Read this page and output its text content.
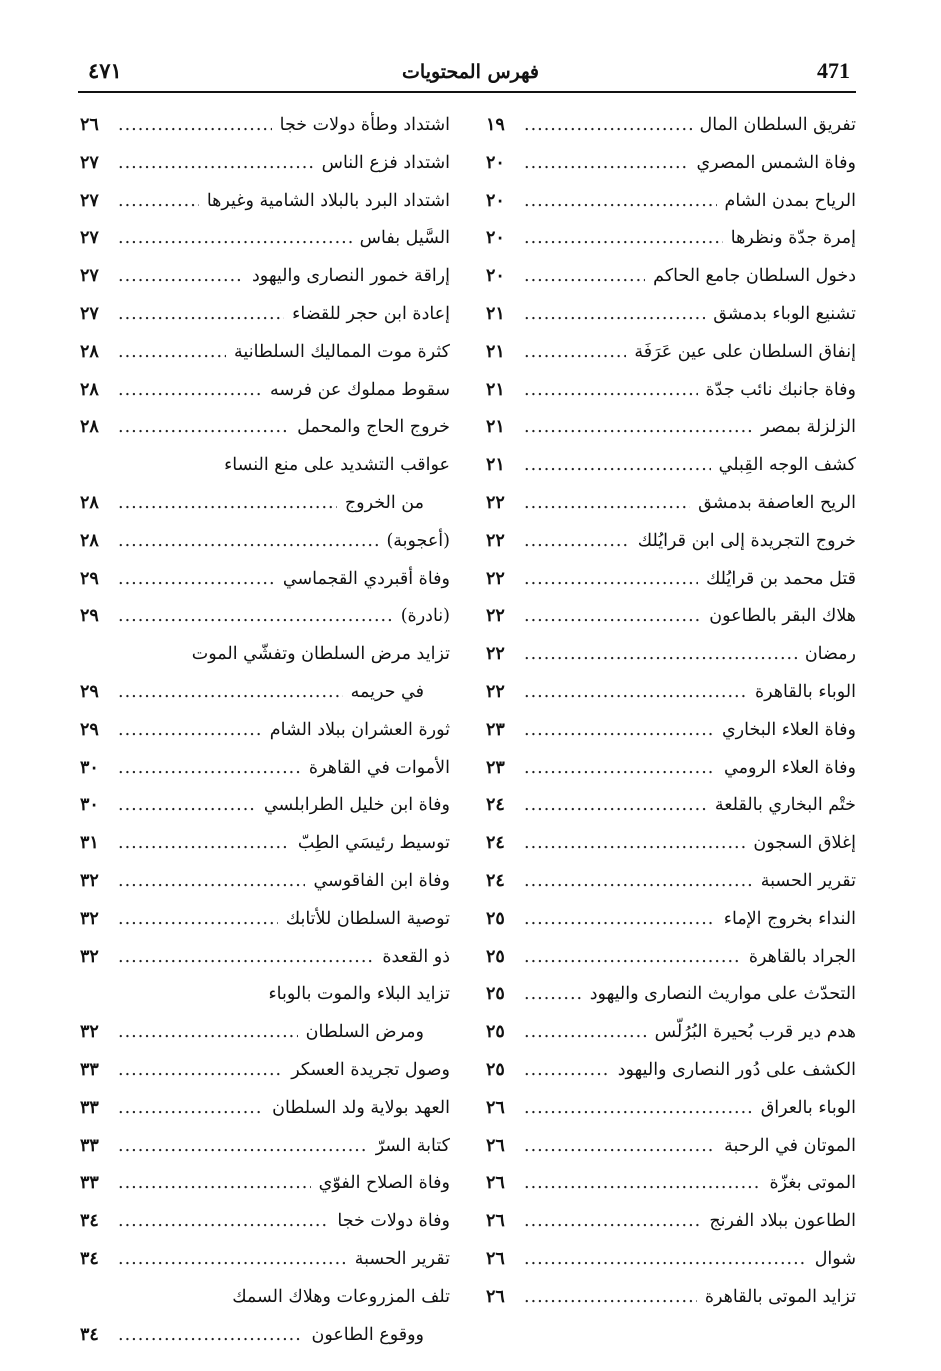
471
فهرس المحتويات
٤٧١
تفريق السلطان المال
.....
١٩
وفاة الشمس المصري
.....
٢٠
الرياح بمدن الشام
.....
٢٠
إمرة جدّة ونظرها
.....
٢٠
دخول السلطان جامع الحاكم
.....
٢٠
تشنيع الوباء بدمشق
.....
٢١
إنفاق السلطان على عين عَرَفَة
.....
٢١
وفاة جانبك نائب جدّة
.....
٢١
الزلزلة بمصر
.....
٢١
كشف الوجه القِبلي
.....
٢١
الريح العاصفة بدمشق
.....
٢٢
خروج التجريدة إلى ابن قرايُلك
.....
٢٢
قتل محمد بن قرايُلك
.....
٢٢
هلاك البقر بالطاعون
.....
٢٢
رمضان
.....
٢٢
الوباء بالقاهرة
.....
٢٢
وفاة العلاء البخاري
.....
٢٣
وفاة العلاء الرومي
.....
٢٣
ختْم البخاري بالقلعة
.....
٢٤
إغلاق السجون
.....
٢٤
تقرير الحسبة
.....
٢٤
النداء بخروج الإماء
.....
٢٥
الجراد بالقاهرة
.....
٢٥
التحدّث على مواريث النصارى واليهود
.....
٢٥
هدم دير قرب بُحيرة البُرُلّس
.....
٢٥
الكشف على دُور النصارى واليهود
.....
٢٥
الوباء بالعراق
.....
٢٦
الموتان في الرحبة
.....
٢٦
الموتى بغزّة
.....
٢٦
الطاعون ببلاد الفرنج
.....
٢٦
شوال
.....
٢٦
تزايد الموتى بالقاهرة
.....
٢٦
اشتداد وطأة دولات خجا
.....
٢٦
اشتداد فزع الناس
.....
٢٧
اشتداد البرد بالبلاد الشامية وغيرها
.....
٢٧
السَّيل بفاس
.....
٢٧
إراقة خمور النصارى واليهود
.....
٢٧
إعادة ابن حجر للقضاء
.....
٢٧
كثرة موت المماليك السلطانية
.....
٢٨
سقوط مملوك عن فرسه
.....
٢٨
خروج الحاج والمحمل
.....
٢٨
عواقب التشديد على منع النساء
من الخروج
.....
٢٨
(أعجوبة)
.....
٢٨
وفاة أقبردي القجماسي
.....
٢٩
(نادرة)
.....
٢٩
تزايد مرض السلطان وتفشّي الموت
في حريمه
.....
٢٩
ثورة العشران ببلاد الشام
.....
٢٩
الأموات في القاهرة
.....
٣٠
وفاة ابن خليل الطرابلسي
.....
٣٠
توسيط رئيسَي الطِبّ
.....
٣١
وفاة ابن الفاقوسي
.....
٣٢
توصية السلطان للأتابك
.....
٣٢
ذو القعدة
.....
٣٢
تزايد البلاء والموت بالوباء
ومرض السلطان
.....
٣٢
وصول تجريدة العسكر
.....
٣٣
العهد بولاية ولد السلطان
.....
٣٣
كتابة السرّ
.....
٣٣
وفاة الصلاح الفوّي
.....
٣٣
وفاة دولات خجا
.....
٣٤
تقرير الحسبة
.....
٣٤
تلف المزروعات وهلاك السمك
ووقوع الطاعون
.....
٣٤
